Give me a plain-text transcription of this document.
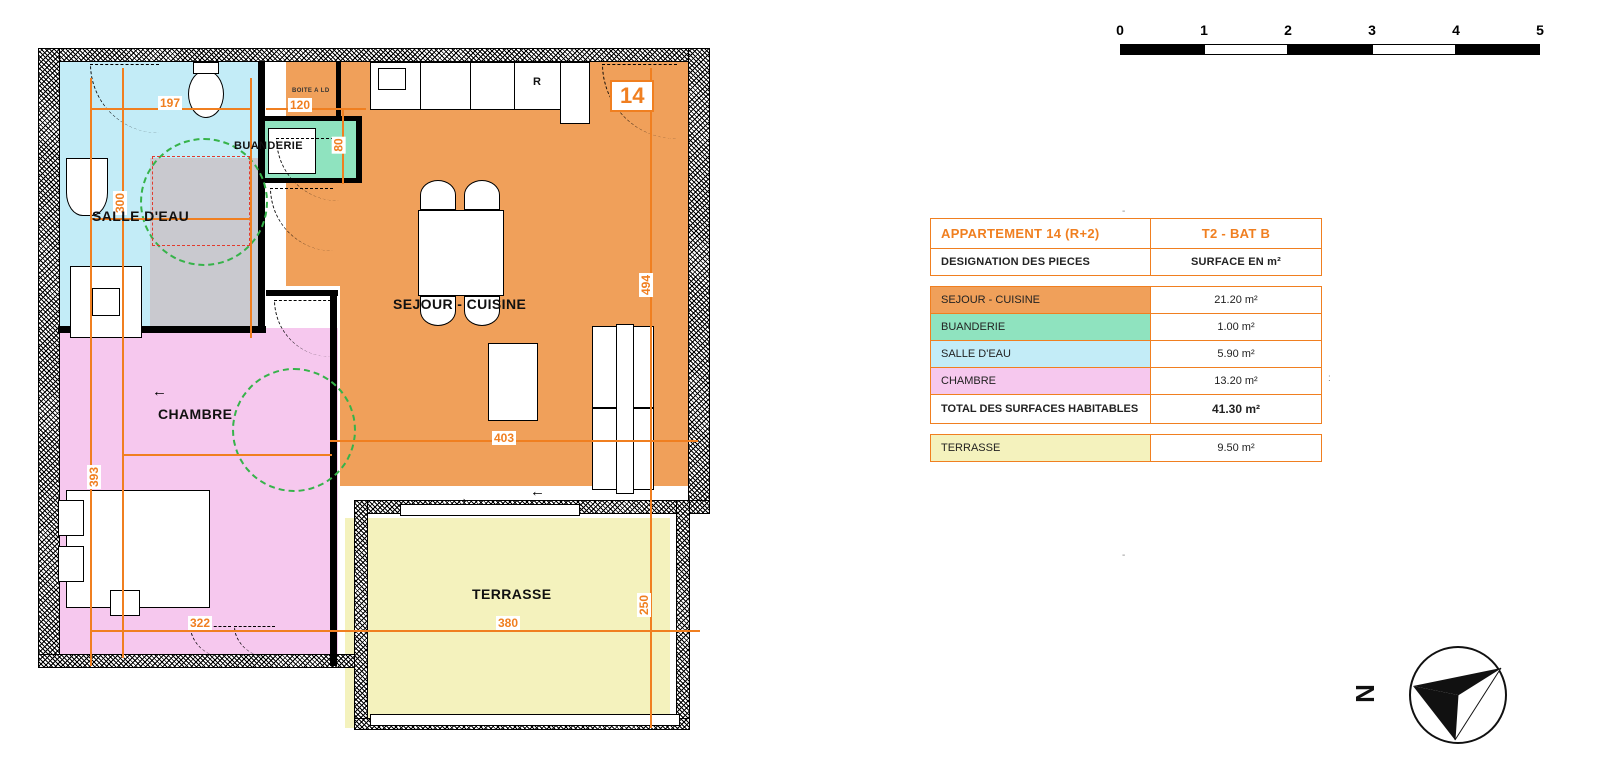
R
BOITE A LD
←
→	←
197	120
80
300
494
403
393
322	380
250
SEJOUR - CUISINE
CHAMBRE
SALLE D'EAU
BUANDERIE
TERRASSE
14
-
:
-
APPARTEMENT 14 (R+2)	T2 - BAT B
DESIGNATION DES PIECES	SURFACE EN m²

SEJOUR - CUISINE	21.20 m²
BUANDERIE	1.00 m²
SALLE D'EAU	5.90 m²
CHAMBRE	13.20 m²
TOTAL DES SURFACES HABITABLES	41.30 m²

TERRASSE	9.50 m²
0	1	2	3	4	5
N
